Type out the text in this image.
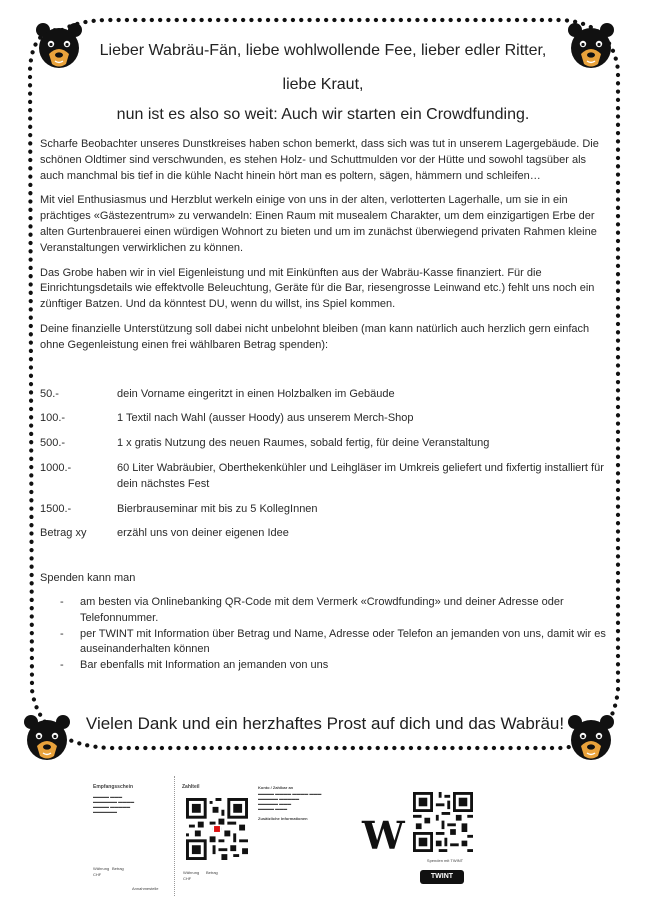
Lieber Wabräu-Fän, liebe wohlwollende Fee, lieber edler Ritter,
liebe Kraut,
nun ist es also so weit: Auch wir starten ein Crowdfunding.

Scharfe Beobachter unseres Dunstkreises haben schon bemerkt, dass sich was tut in unserem Lagergebäude. Die schönen Oldtimer sind verschwunden, es stehen Holz- und Schuttmulden vor der Hütte und sowohl tagsüber als auch manchmal bis tief in die kühle Nacht hinein hört man es poltern, sägen, hämmern und schleifen…

Mit viel Enthusiasmus und Herzblut werkeln einige von uns in der alten, verlotterten Lagerhalle, um sie in ein prächtiges «Gästezentrum» zu verwandeln: Einen Raum mit musealem Charakter, um dem einzigartigen Erbe der alten Gurtenbrauerei einen würdigen Wohnort zu bieten und um im zunächst überwiegend privaten Rahmen kleine Veranstaltungen verwirklichen zu können.

Das Grobe haben wir in viel Eigenleistung und mit Einkünften aus der Wabräu-Kasse finanziert. Für die Einrichtungsdetails wie effektvolle Beleuchtung, Geräte für die Bar, riesengrosse Leinwand etc.) fehlt uns noch ein zünftiger Batzen. Und da könntest DU, wenn du willst, ins Spiel kommen.

Deine finanzielle Unterstützung soll dabei nicht unbelohnt bleiben (man kann natürlich auch herzlich gern einfach ohne Gegenleistung einen frei wählbaren Betrag spenden):

50.-	dein Vorname eingeritzt in einen Holzbalken im Gebäude
100.-	1 Textil nach Wahl (ausser Hoody) aus unserem Merch-Shop
500.-	1 x gratis Nutzung des neuen Raumes, sobald fertig, für deine Veranstaltung
1000.-	60 Liter Wabräubier, Oberthekenkühler und Leihgläser im Umkreis geliefert und fixfertig installiert für dein nächstes Fest
1500.-	Bierbrauseminar mit bis zu 5 KollegInnen
Betrag xy	erzähl uns von deiner eigenen Idee
Spenden kann man
- am besten via Onlinebanking QR-Code mit dem Vermerk «Crowdfunding» und deiner Adresse oder Telefonnummer.
- per TWINT mit Information über Betrag und Name, Adresse oder Telefon an jemanden von uns, damit wir es auseinanderhalten können
- Bar ebenfalls mit Information an jemanden von uns
Vielen Dank und ein herzhaftes Prost auf dich und das Wabräu!
Empfangsschein
▬▬▬▬ ▬▬▬
▬▬▬▬▬▬ ▬▬▬▬
▬▬▬▬ ▬▬▬▬▬
▬▬▬▬▬▬
Währung Betrag
CHF
Annahmestelle
Zahlteil
Währung Betrag
CHF
Konto / Zahlbar an
▬▬▬▬ ▬▬▬▬ ▬▬▬▬ ▬▬▬
▬▬▬▬▬ ▬▬▬▬▬
▬▬▬▬▬ ▬▬▬
▬▬▬▬ ▬▬▬
Zusätzliche Informationen W
Spenden mit TWINT
TWINT
